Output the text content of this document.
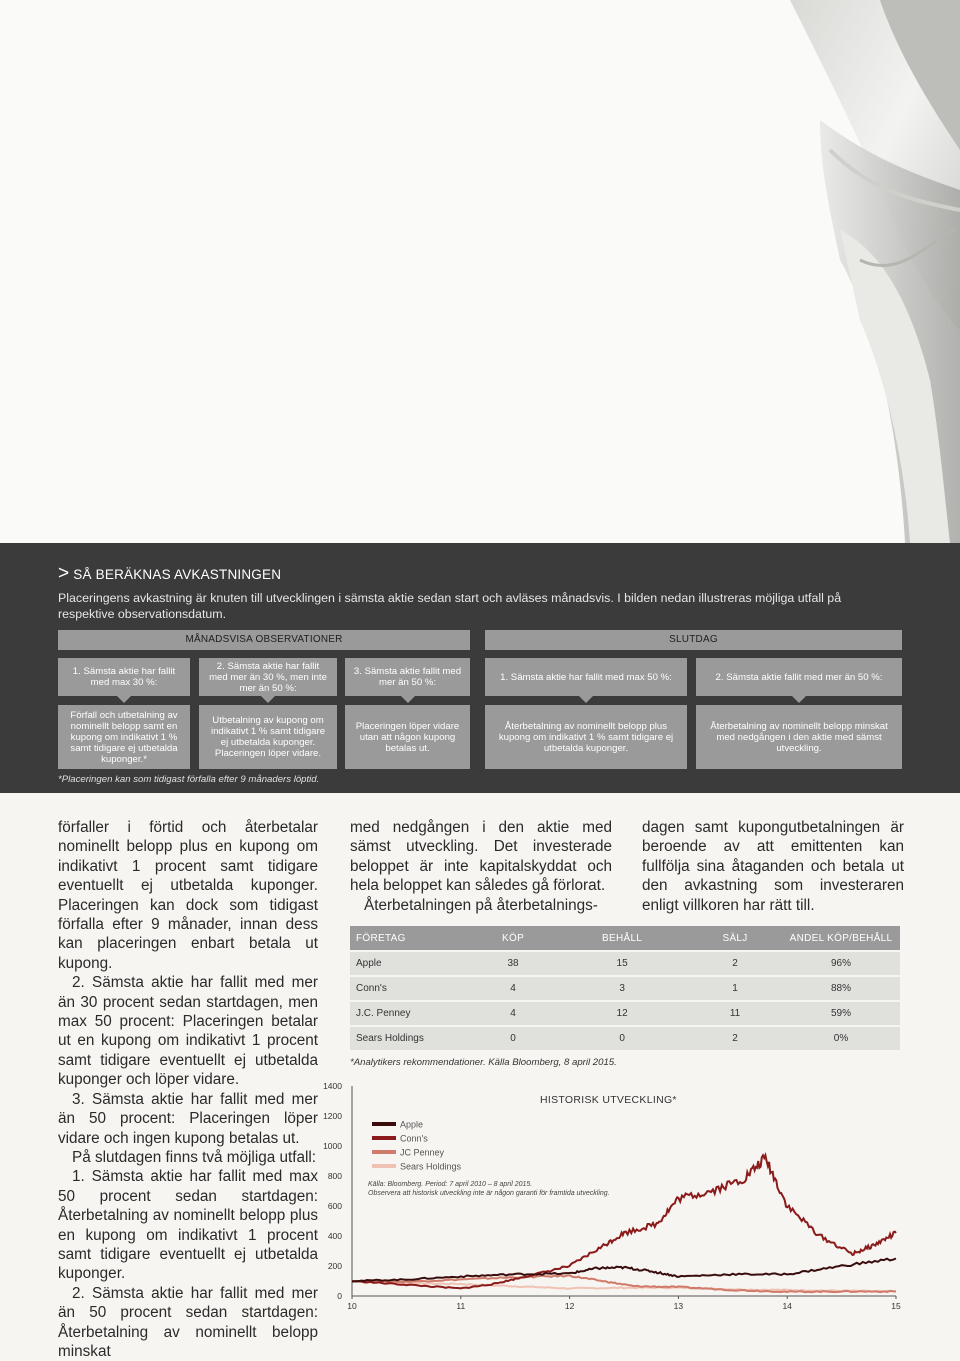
> SÅ BERÄKNAS AVKASTNINGEN
Placeringens avkastning är knuten till utvecklingen i sämsta aktie sedan start och avläses månadsvis. I bilden nedan illustreras möjliga utfall på respektive observationsdatum.
MÅNADSVISA OBSERVATIONER	SLUTDAG
1. Sämsta aktie har fallit med max 30 %:
2. Sämsta aktie har fallit med mer än 30 %, men inte mer än 50 %:
3. Sämsta aktie fallit med mer än 50 %:	1. Sämsta aktie har fallit med max 50 %:	2. Sämsta aktie fallit med mer än 50 %:
Förfall och utbetalning av nominellt belopp samt en kupong om indikativt 1 % samt tidigare ej utbetalda kuponger.*
Utbetalning av kupong om indikativt 1 % samt tidigare ej utbetalda kuponger. Placeringen löper vidare.
Placeringen löper vidare utan att någon kupong betalas ut.
Återbetalning av nominellt belopp plus kupong om indikativt 1 % samt tidigare ej utbetalda kuponger.
Återbetalning av nominellt belopp minskat med nedgången i den aktie med sämst utveckling.
*Placeringen kan som tidigast förfalla efter 9 månaders löptid.

förfaller i förtid och återbetalar nominellt belopp plus en kupong om indikativt 1 procent samt tidigare eventuellt ej utbetalda kuponger. Placeringen kan dock som tidigast förfalla efter 9 månader, innan dess kan placeringen enbart betala ut kupong.

2. Sämsta aktie har fallit med mer än 30 procent sedan startdagen, men max 50 procent: Placeringen betalar ut en kupong om indikativt 1 procent samt tidigare eventuellt ej utbetalda kuponger och löper vidare.

3. Sämsta aktie har fallit med mer än 50 procent: Placeringen löper vidare och ingen kupong betalas ut.

På slutdagen finns två möjliga utfall:

1. Sämsta aktie har fallit med max 50 procent sedan startdagen: Återbetalning av nominellt belopp plus en kupong om indikativt 1 procent samt tidigare eventuellt ej utbetalda kuponger.

2. Sämsta aktie har fallit med mer än 50 procent sedan startdagen: Återbetalning av nominellt belopp minskat

med nedgången i den aktie med sämst utveckling. Det investerade beloppet är inte kapitalskyddat och hela beloppet kan således gå förlorat.

Återbetalningen på återbetalnings-

dagen samt kupongutbetalningen är beroende av att emittenten kan fullfölja sina åtaganden och betala ut den avkastning som investeraren enligt villkoren har rätt till.

FÖRETAG	KÖP	BEHÅLL	SÄLJ	ANDEL KÖP/BEHÅLL
Apple	38	15	2	96%
Conn's	4	3	1	88%
J.C. Penney	4	12	11	59%
Sears Holdings	0	0	2	0%
*Analytikers rekommendationer. Källa Bloomberg, 8 april 2015.
HISTORISK UTVECKLING*
0
200
400
600
800
1000
1200
1400
10	11	12	13	14	15
Apple
Conn's
JC Penney
Sears Holdings
Källa: Bloomberg. Period: 7 april 2010 – 8 april 2015.
Observera att historisk utveckling inte är någon garanti för framtida utveckling.
